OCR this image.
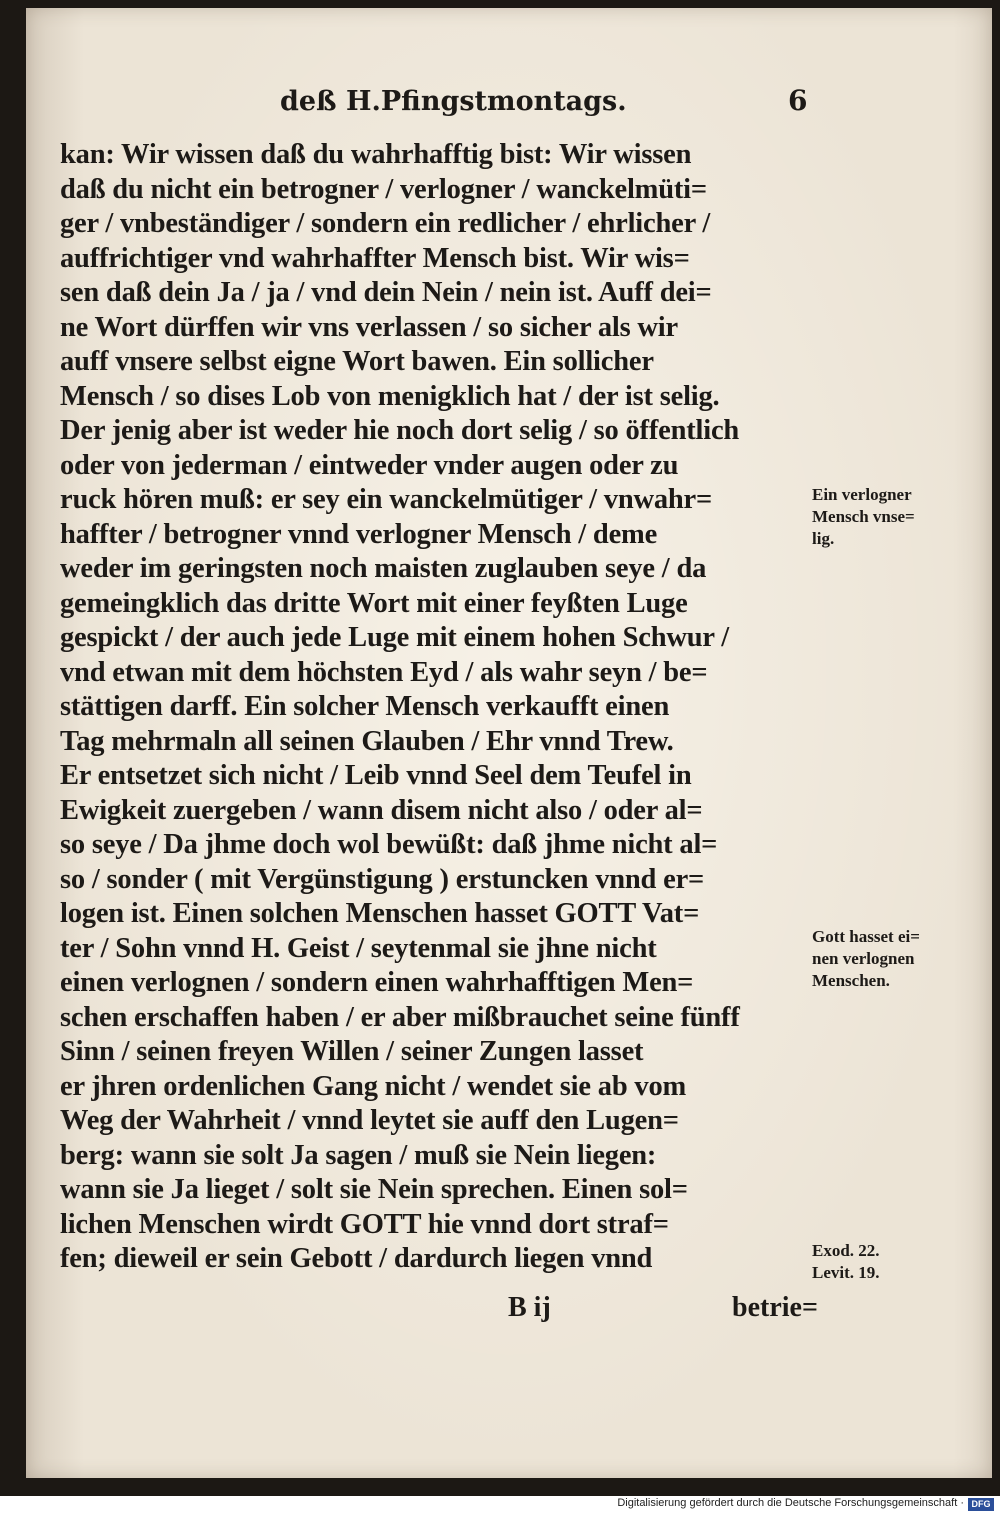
deß H.Pfingstmontags.	6
kan: Wir wissen daß du wahrhafftig bist: Wir wissen
daß du nicht ein betrogner / verlogner / wanckelmüti=
ger / vnbeständiger / sondern ein redlicher / ehrlicher /
auffrichtiger vnd wahrhaffter Mensch bist. Wir wis=
sen daß dein Ja / ja / vnd dein Nein / nein ist. Auff dei=
ne Wort dürffen wir vns verlassen / so sicher als wir
auff vnsere selbst eigne Wort bawen. Ein sollicher
Mensch / so dises Lob von menigklich hat / der ist selig.
Der jenig aber ist weder hie noch dort selig / so öffentlich
oder von jederman / eintweder vnder augen oder zu
ruck hören muß: er sey ein wanckelmütiger / vnwahr=
haffter / betrogner vnnd verlogner Mensch / deme
weder im geringsten noch maisten zuglauben seye / da
gemeingklich das dritte Wort mit einer feyßten Luge
gespickt / der auch jede Luge mit einem hohen Schwur /
vnd etwan mit dem höchsten Eyd / als wahr seyn / be=
stättigen darff. Ein solcher Mensch verkaufft einen
Tag mehrmaln all seinen Glauben / Ehr vnnd Trew.
Er entsetzet sich nicht / Leib vnnd Seel dem Teufel in
Ewigkeit zuergeben / wann disem nicht also / oder al=
so seye / Da jhme doch wol bewüßt: daß jhme nicht al=
so / sonder ( mit Vergünstigung ) erstuncken vnnd er=
logen ist. Einen solchen Menschen hasset GOTT Vat=
ter / Sohn vnnd H. Geist / seytenmal sie jhne nicht
einen verlognen / sondern einen wahrhafftigen Men=
schen erschaffen haben / er aber mißbrauchet seine fünff
Sinn / seinen freyen Willen / seiner Zungen lasset
er jhren ordenlichen Gang nicht / wendet sie ab vom
Weg der Wahrheit / vnnd leytet sie auff den Lugen=
berg: wann sie solt Ja sagen / muß sie Nein liegen:
wann sie Ja lieget / solt sie Nein sprechen. Einen sol=
lichen Menschen wirdt GOTT hie vnnd dort straf=
fen; dieweil er sein Gebott / dardurch liegen vnnd
Ein verlogner
Mensch vnse=
lig.
Gott hasset ei=
nen verlognen
Menschen.
Exod. 22.
Levit. 19.
B ij	betrie=
Digitalisierung gefördert durch die Deutsche Forschungsgemeinschaft · DFG
